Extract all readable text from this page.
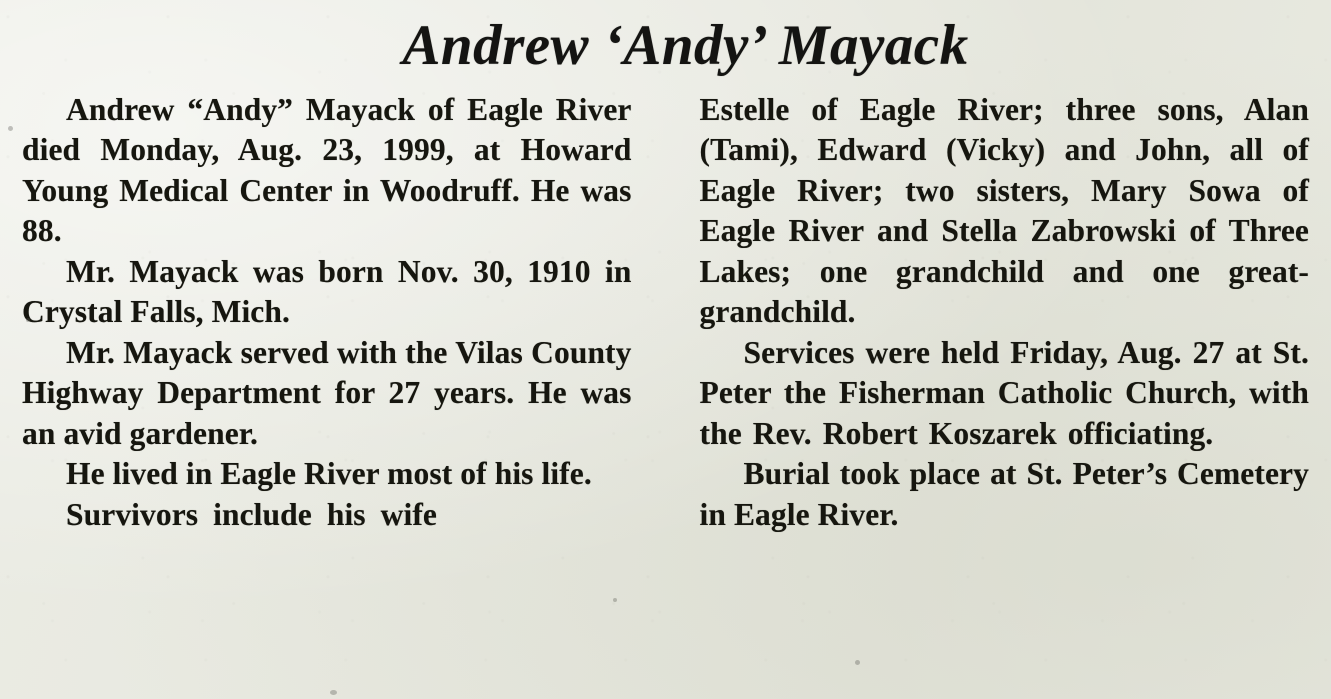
Andrew ‘Andy’ Mayack

Andrew “Andy” Mayack of Eagle River died Monday, Aug. 23, 1999, at Howard Young Medical Center in Woodruff. He was 88.

Mr. Mayack was born Nov. 30, 1910 in Crystal Falls, Mich.

Mr. Mayack served with the Vilas County Highway Department for 27 years. He was an avid gardener.

He lived in Eagle River most of his life.

Survivors include his wife

Estelle of Eagle River; three sons, Alan (Tami), Edward (Vicky) and John, all of Eagle River; two sisters, Mary Sowa of Eagle River and Stella Zabrowski of Three Lakes; one grandchild and one great-grandchild.

Services were held Friday, Aug. 27 at St. Peter the Fisherman Catholic Church, with the Rev. Robert Koszarek officiating.

Burial took place at St. Peter’s Cemetery in Eagle River.
